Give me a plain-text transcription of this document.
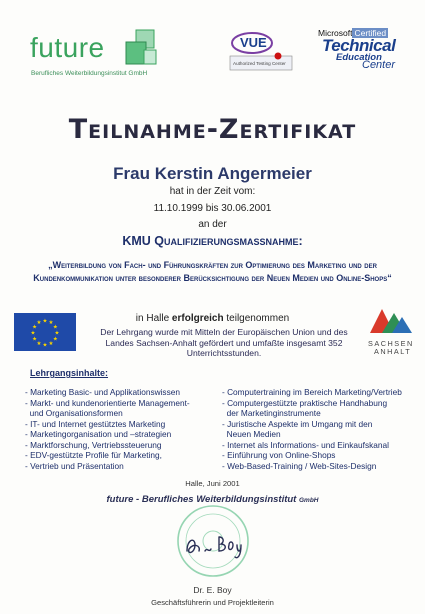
future
Berufliches Weiterbildungsinstitut GmbH
VUE
Authorized Testing Center
Microsoft Certified
Technical
Education
Center
Teilnahme-Zertifikat
Frau Kerstin Angermeier
hat in der Zeit vom:
11.10.1999 bis 30.06.2001
an der
KMU Qualifizierungsmaßnahme:
„Weiterbildung von Fach- und Führungskräften zur Optimierung des Marketing und der Kundenkommunikation unter besonderer Berücksichtigung der Neuen Medien und Online-Shops“
in Halle erfolgreich teilgenommen
★
★
★
★
★
★
★
★
★ ★ ★
★	Der Lehrgang wurde mit Mitteln der Europäischen Union und des Landes Sachsen-Anhalt gefördert und umfaßte insgesamt 352 Unterrichtsstunden.
SACHSEN
ANHALT
Lehrgangsinhalte:
- Marketing Basic- und Applikationswissen
- Markt- und kundenorientierte Management-
und Organisationsformen
- IT- und Internet gestütztes Marketing
- Marketingorganisation und –strategien
- Marktforschung, Vertriebssteuerung
- EDV-gestützte Profile für Marketing,
- Vertrieb und Präsentation
- Computertraining im Bereich Marketing/Vertrieb
- Computergestützte praktische Handhabung
der Marketinginstrumente
- Juristische Aspekte im Umgang mit den
Neuen Medien
- Internet als Informations- und Einkaufskanal
- Einführung von Online-Shops
- Web-Based-Training / Web-Sites-Design
Halle, Juni 2001
future - Berufliches Weiterbildungsinstitut GmbH
Dr. E. Boy
Geschäftsführerin und Projektleiterin
